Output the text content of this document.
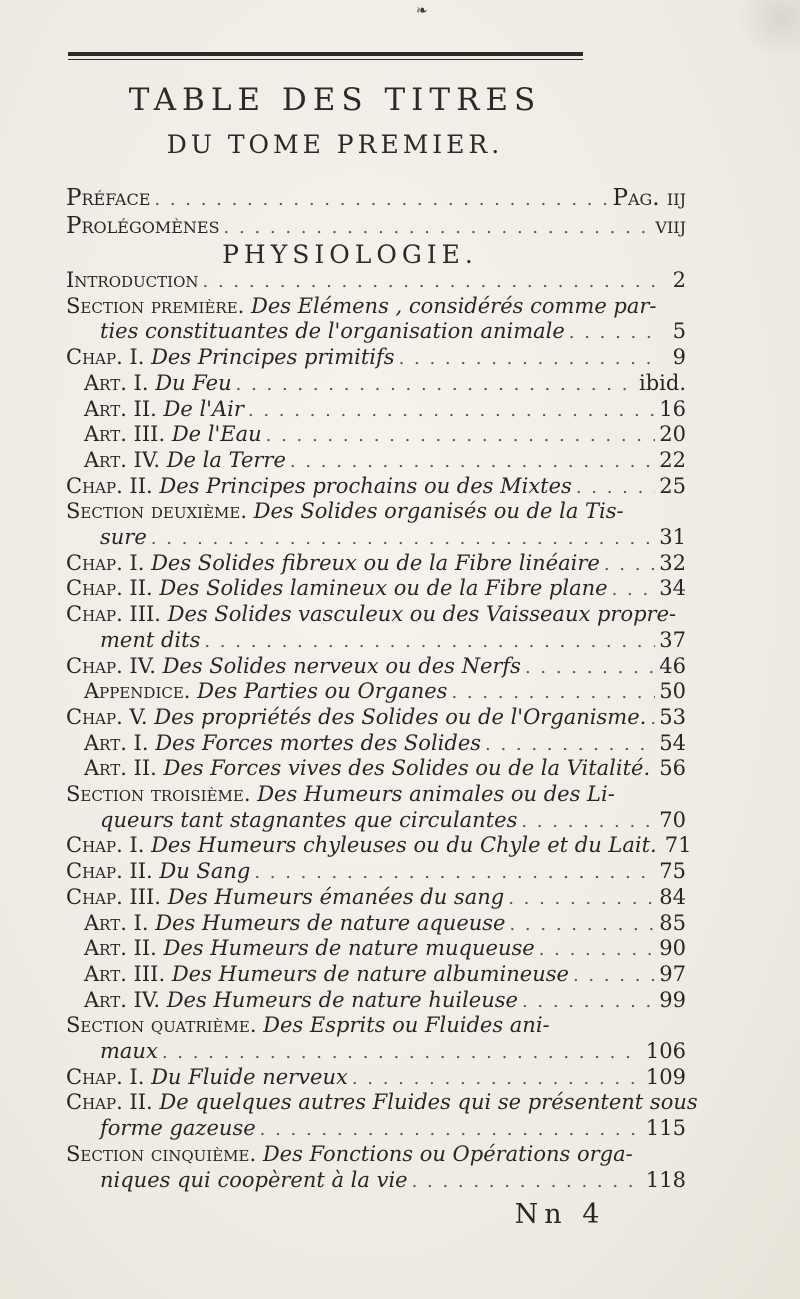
❧
TABLE DES TITRES
DU TOME PREMIER.
Préface . . .	Pag. iij
Prolégomènes . . .	viij
PHYSIOLOGIE.
Introduction . . .	2
Section première. Des Elémens , considérés comme par-
ties constituantes de l'organisation animale . . .	5
Chap. I. Des Principes primitifs . . .	9
Art. I. Du Feu . . .	ibid.
Art. II. De l'Air . . .	16
Art. III. De l'Eau . . .	20
Art. IV. De la Terre . . .	22
Chap. II. Des Principes prochains ou des Mixtes . . .	25
Section deuxième. Des Solides organisés ou de la Tis-
sure . . .	31
Chap. I. Des Solides fibreux ou de la Fibre linéaire . . .	32
Chap. II. Des Solides lamineux ou de la Fibre plane . . . 34
Chap. III. Des Solides vasculeux ou des Vaisseaux propre-
ment dits . . .	37
Chap. IV. Des Solides nerveux ou des Nerfs . . .	46
Appendice. Des Parties ou Organes . . .	50
Chap. V. Des propriétés des Solides ou de l'Organisme. . . . 53
Art. I. Des Forces mortes des Solides . . .	54
Art. II. Des Forces vives des Solides ou de la Vitalité. . . . 56
Section troisième. Des Humeurs animales ou des Li-
queurs tant stagnantes que circulantes . . .	70
Chap. I. Des Humeurs chyleuses ou du Chyle et du Lait. 71
Chap. II. Du Sang . . .	75
Chap. III. Des Humeurs émanées du sang . . .	84
Art. I. Des Humeurs de nature aqueuse . . .	85
Art. II. Des Humeurs de nature muqueuse . . .	90
Art. III. Des Humeurs de nature albumineuse . . .	97
Art. IV. Des Humeurs de nature huileuse . . .	99
Nn 4
Section quatrième. Des Esprits ou Fluides ani-
maux . . .	106
Chap. I. Du Fluide nerveux . . .	109
Chap. II. De quelques autres Fluides qui se présentent sous
forme gazeuse . . .	115
Section cinquième. Des Fonctions ou Opérations orga-
niques qui coopèrent à la vie . . .	118
